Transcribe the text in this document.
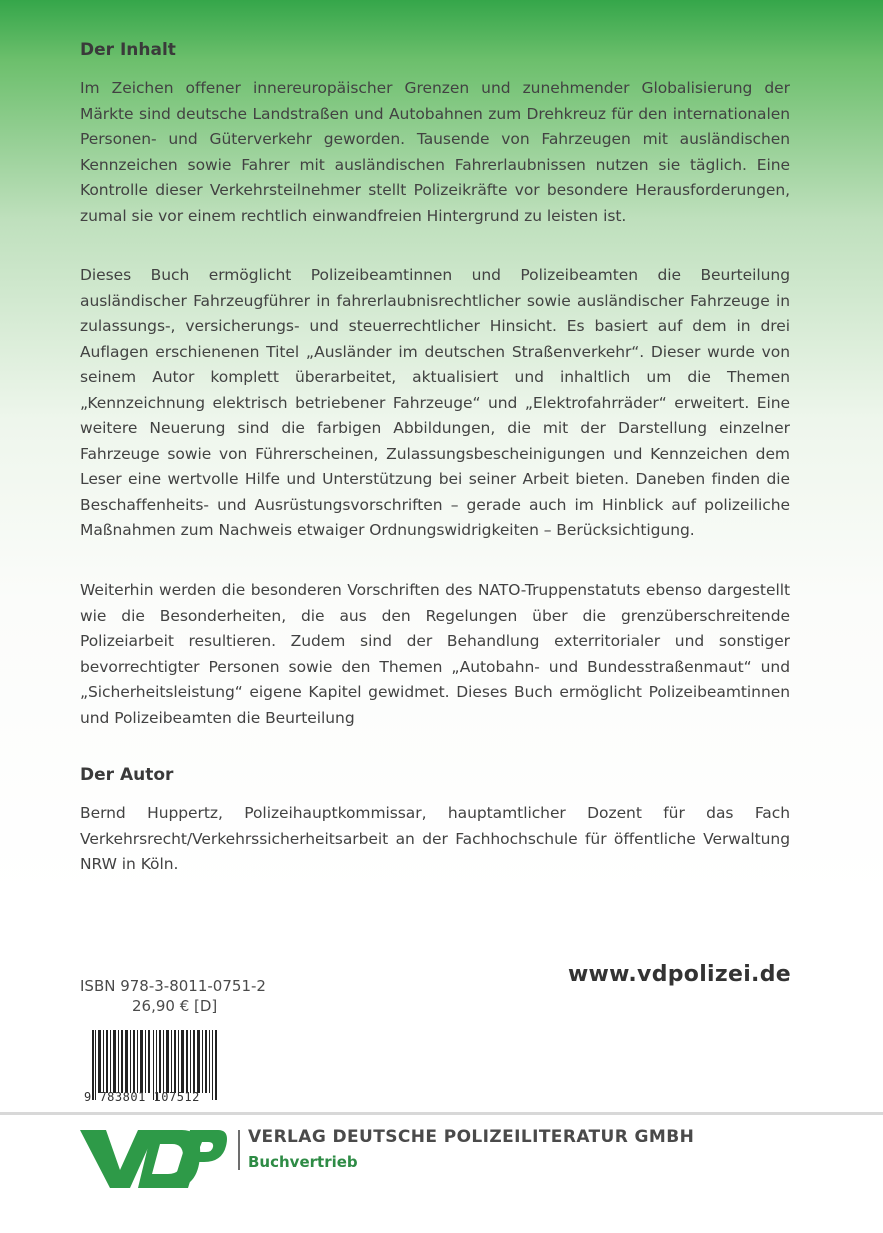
Der Inhalt

Im Zeichen offener innereuropäischer Grenzen und zunehmender Globalisierung der Märkte sind deutsche Landstraßen und Autobahnen zum Drehkreuz für den internationalen Personen- und Güterverkehr geworden. Tausende von Fahrzeugen mit ausländischen Kennzeichen sowie Fahrer mit ausländischen Fahrerlaubnissen nutzen sie täglich. Eine Kontrolle dieser Verkehrsteilnehmer stellt Polizeikräfte vor besondere Herausforderungen, zumal sie vor einem rechtlich einwandfreien Hintergrund zu leisten ist.

Dieses Buch ermöglicht Polizeibeamtinnen und Polizeibeamten die Beurteilung ausländischer Fahrzeugführer in fahrerlaubnisrechtlicher sowie ausländischer Fahrzeuge in zulassungs-, versicherungs- und steuerrechtlicher Hinsicht. Es basiert auf dem in drei Auflagen erschienenen Titel „Ausländer im deutschen Straßenverkehr“. Dieser wurde von seinem Autor komplett überarbeitet, aktualisiert und inhaltlich um die Themen „Kennzeichnung elektrisch betriebener Fahrzeuge“ und „Elektrofahrräder“ erweitert. Eine weitere Neuerung sind die farbigen Abbildungen, die mit der Darstellung einzelner Fahrzeuge sowie von Führerscheinen, Zulassungsbescheinigungen und Kennzeichen dem Leser eine wertvolle Hilfe und Unterstützung bei seiner Arbeit bieten. Daneben finden die Beschaffenheits- und Ausrüstungsvorschriften – gerade auch im Hinblick auf polizeiliche Maßnahmen zum Nachweis etwaiger Ordnungswidrigkeiten – Berücksichtigung.

Weiterhin werden die besonderen Vorschriften des NATO-Truppenstatuts ebenso dargestellt wie die Besonderheiten, die aus den Regelungen über die grenzüberschreitende Polizeiarbeit resultieren. Zudem sind der Behandlung exterritorialer und sonstiger bevorrechtigter Personen sowie den Themen „Autobahn- und Bundesstraßenmaut“ und „Sicherheitsleistung“ eigene Kapitel gewidmet. Dieses Buch ermöglicht Polizeibeamtinnen und Polizeibeamten die Beurteilung

Der Autor

Bernd Huppertz, Polizeihauptkommissar, hauptamtlicher Dozent für das Fach Verkehrsrecht/Verkehrssicherheitsarbeit an der Fachhochschule für öffentliche Verwaltung NRW in Köln.

ISBN 978-3-8011-0751-2
26,90 € [D]
www.vdpolizei.de
9 783801 107512
VERLAG DEUTSCHE POLIZEILITERATUR GMBH
Buchvertrieb
